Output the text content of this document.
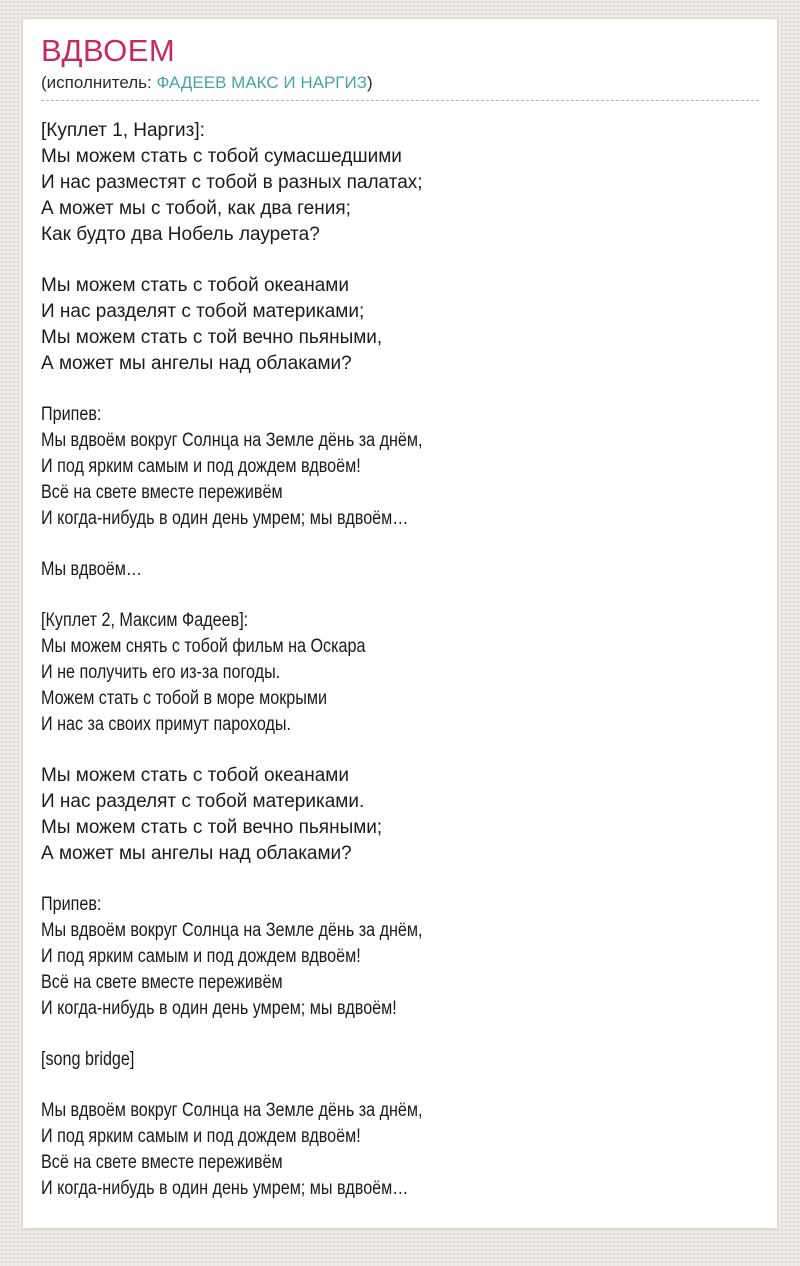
ВДВОЕМ
(исполнитель: ФАДЕЕВ МАКС И НАРГИЗ)
[Куплет 1, Наргиз]:
Мы можем стать с тобой сумасшедшими
И нас разместят с тобой в разных палатах;
А может мы с тобой, как два гения;
Как будто два Нобель лаурета?
Мы можем стать с тобой океанами
И нас разделят с тобой материками;
Мы можем стать с той вечно пьяными,
А может мы ангелы над облаками?
Припев:
Мы вдвоём вокруг Солнца на Земле дёнь за днём,
И под ярким самым и под дождем вдвоём!
Всё на свете вместе переживём
И когда-нибудь в один день умрем; мы вдвоём…
Мы вдвоём…
[Куплет 2, Максим Фадеев]:
Мы можем снять с тобой фильм на Оскара
И не получить его из-за погоды.
Можем стать с тобой в море мокрыми
И нас за своих примут пароходы.
Мы можем стать с тобой океанами
И нас разделят с тобой материками.
Мы можем стать с той вечно пьяными;
А может мы ангелы над облаками?
Припев:
Мы вдвоём вокруг Солнца на Земле дёнь за днём,
И под ярким самым и под дождем вдвоём!
Всё на свете вместе переживём
И когда-нибудь в один день умрем; мы вдвоём!
[song bridge]
Мы вдвоём вокруг Солнца на Земле дёнь за днём,
И под ярким самым и под дождем вдвоём!
Всё на свете вместе переживём
И когда-нибудь в один день умрем; мы вдвоём…
